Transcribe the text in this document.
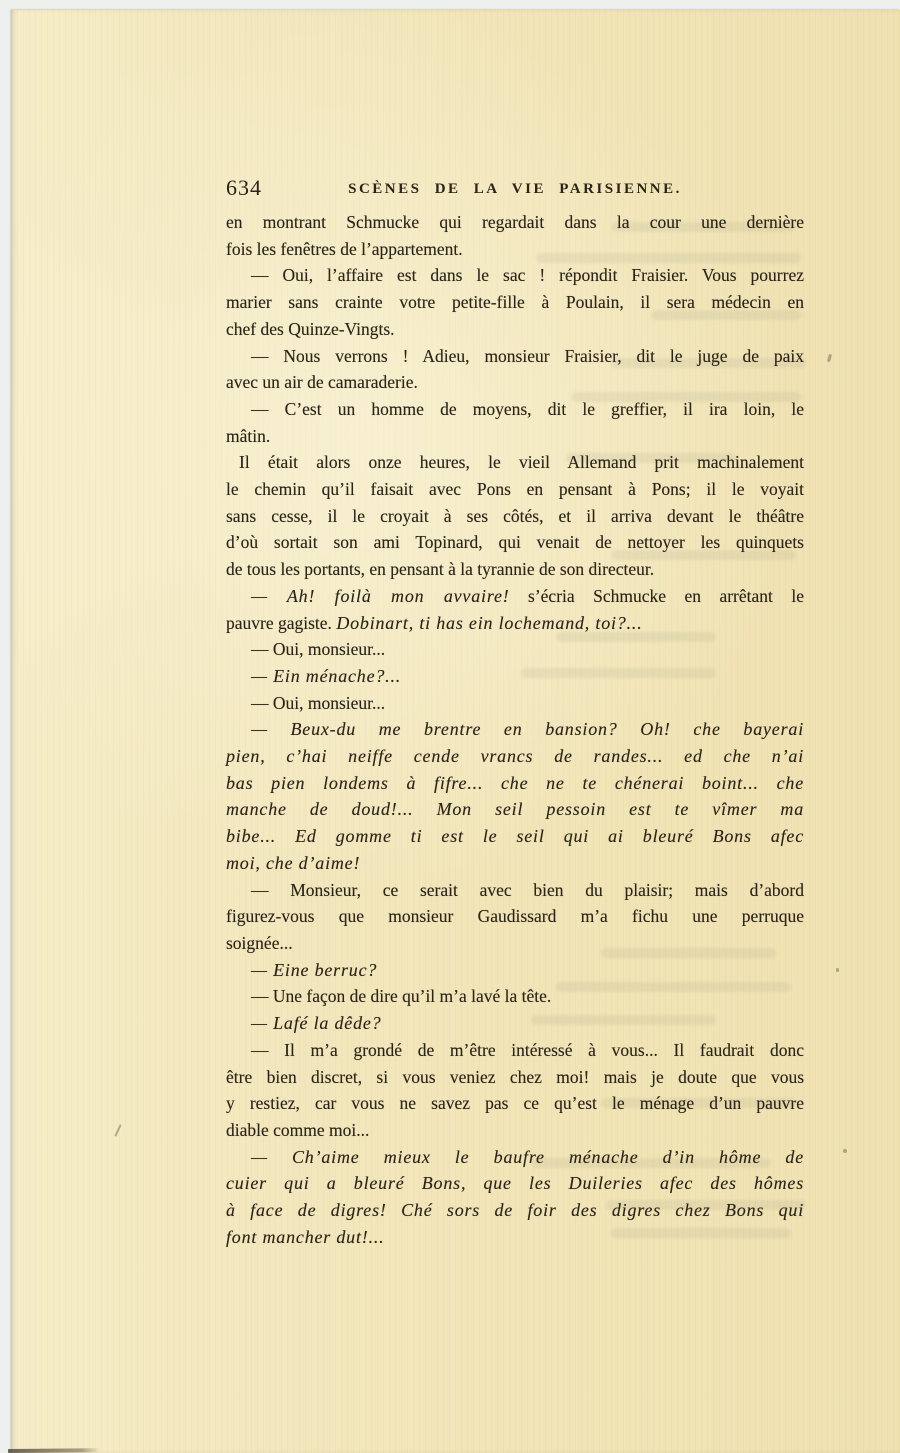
634	SCÈNES DE LA VIE PARISIENNE.
en montrant Schmucke qui regardait dans la cour une dernière
fois les fenêtres de l’appartement.
— Oui, l’affaire est dans le sac ! répondit Fraisier. Vous pourrez
marier sans crainte votre petite-fille à Poulain, il sera médecin en
chef des Quinze-Vingts.
— Nous verrons ! Adieu, monsieur Fraisier, dit le juge de paix
avec un air de camaraderie.
— C’est un homme de moyens, dit le greffier, il ira loin, le
mâtin.
Il était alors onze heures, le vieil Allemand prit machinalement
le chemin qu’il faisait avec Pons en pensant à Pons; il le voyait
sans cesse, il le croyait à ses côtés, et il arriva devant le théâtre
d’où sortait son ami Topinard, qui venait de nettoyer les quinquets
de tous les portants, en pensant à la tyrannie de son directeur.
— Ah! foilà mon avvaire! s’écria Schmucke en arrêtant le
pauvre gagiste. Dobinart, ti has ein lochemand, toi?...
— Oui, monsieur...
— Ein ménache?...
— Oui, monsieur...
— Beux-du me brentre en bansion? Oh! che bayerai
pien, c’hai neiffe cende vrancs de randes... ed che n’ai
bas pien londems à fifre... che ne te chénerai boint... che
manche de doud!... Mon seil pessoin est te vîmer ma
bibe... Ed gomme ti est le seil qui ai bleuré Bons afec
moi, che d’aime!
— Monsieur, ce serait avec bien du plaisir; mais d’abord
figurez-vous que monsieur Gaudissard m’a fichu une perruque
soignée...
— Eine berruc?
— Une façon de dire qu’il m’a lavé la tête.
— Lafé la dêde?
— Il m’a grondé de m’être intéressé à vous... Il faudrait donc
être bien discret, si vous veniez chez moi! mais je doute que vous
y restiez, car vous ne savez pas ce qu’est le ménage d’un pauvre
diable comme moi...
— Ch’aime mieux le baufre ménache d’in hôme de
cuier qui a bleuré Bons, que les Duileries afec des hômes
à face de digres! Ché sors de foir des digres chez Bons qui
font mancher dut!...
